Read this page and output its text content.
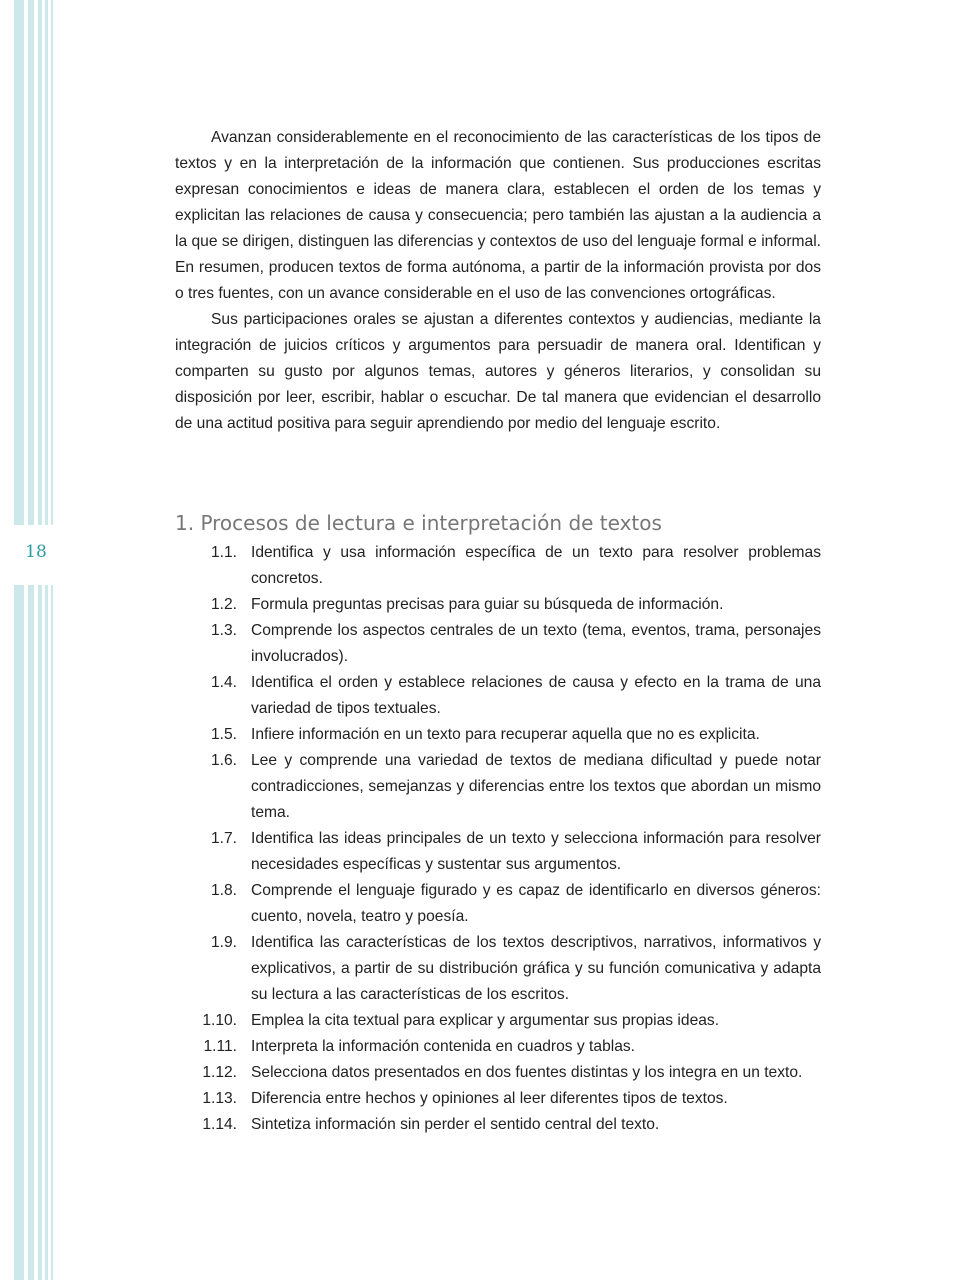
18

Avanzan considerablemente en el reconocimiento de las características de los tipos de textos y en la interpretación de la información que contienen. Sus producciones escritas expresan conocimientos e ideas de manera clara, establecen el orden de los temas y explicitan las relaciones de causa y consecuencia; pero también las ajustan a la audiencia a la que se dirigen, distinguen las diferencias y contextos de uso del lenguaje formal e informal. En resumen, producen textos de forma autónoma, a partir de la información provista por dos o tres fuentes, con un avance considerable en el uso de las convenciones ortográficas.

Sus participaciones orales se ajustan a diferentes contextos y audiencias, mediante la integración de juicios críticos y argumentos para persuadir de manera oral. Identifican y comparten su gusto por algunos temas, autores y géneros literarios, y consolidan su disposición por leer, escribir, hablar o escuchar. De tal manera que evidencian el desarrollo de una actitud positiva para seguir aprendiendo por medio del lenguaje escrito.

1. Procesos de lectura e interpretación de textos
1.1. Identifica y usa información específica de un texto para resolver problemas concretos.
1.2. Formula preguntas precisas para guiar su búsqueda de información.
1.3. Comprende los aspectos centrales de un texto (tema, eventos, trama, personajes involucrados).
1.4. Identifica el orden y establece relaciones de causa y efecto en la trama de una variedad de tipos textuales.
1.5. Infiere información en un texto para recuperar aquella que no es explicita.
1.6. Lee y comprende una variedad de textos de mediana dificultad y puede notar contradicciones, semejanzas y diferencias entre los textos que abordan un mismo tema.
1.7. Identifica las ideas principales de un texto y selecciona información para resolver necesidades específicas y sustentar sus argumentos.
1.8. Comprende el lenguaje figurado y es capaz de identificarlo en diversos géneros: cuento, novela, teatro y poesía.
1.9. Identifica las características de los textos descriptivos, narrativos, informativos y explicativos, a partir de su distribución gráfica y su función comunicativa y adapta su lectura a las características de los escritos.
1.10. Emplea la cita textual para explicar y argumentar sus propias ideas.
1.11. Interpreta la información contenida en cuadros y tablas.
1.12. Selecciona datos presentados en dos fuentes distintas y los integra en un texto.
1.13. Diferencia entre hechos y opiniones al leer diferentes tipos de textos.
1.14. Sintetiza información sin perder el sentido central del texto.
